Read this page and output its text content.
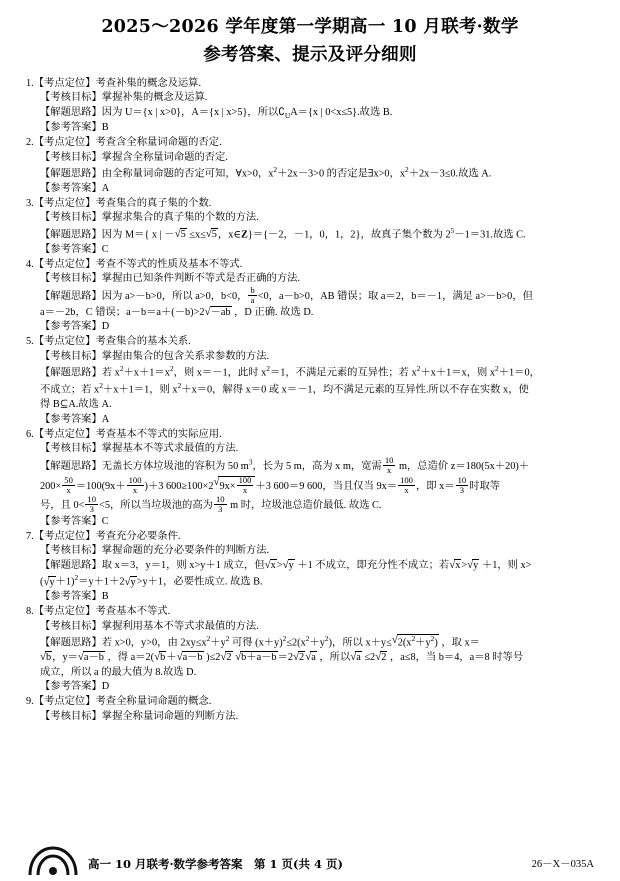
2025～2026 学年度第一学期高一 10 月联考·数学
参考答案、提示及评分细则

1.【考点定位】考查补集的概念及运算.

【考核目标】掌握补集的概念及运算.

【解题思路】因为 U＝{x | x>0}，A＝{x | x>5}，所以$∁_UA=\{x$ | 0<x≤5}.故选 B.

【参考答案】B

2.【考点定位】考查含全称量词命题的否定.

【考核目标】掌握含全称量词命题的否定.

【解题思路】由全称量词命题的否定可知，∀x>0，$x^2+2x-3>0$ 的否定是∃x>0，$x^2+2x-3\le 0$.故选 A.

【参考答案】A

3.【考点定位】考查集合的真子集的个数.

【考核目标】掌握求集合的真子集的个数的方法.

【解题思路】因为 M＝{ x | － √ 5 ≤x≤ √ 5，x∈Z}＝{－2，－1，0，1，2}，故真子集个数为 $2^5-1=31$.故选 C.

【参考答案】C

4.【考点定位】考查不等式的性质及基本不等式.

【考核目标】掌握由已知条件判断不等式是否正确的方法.

【解题思路】因为 a>－b>0，所以 a>0，b<0， $\frac{b}{a} <0$，a－b>0，AB 错误；取 a＝2，b＝－1，满足 a>－b>0，但

a＝－2b，C 错误；a－b＝a＋(－b)>2 √ －ab ，D 正确. 故选 D.

【参考答案】D

5.【考点定位】考查集合的基本关系.

【考核目标】掌握由集合的包含关系求参数的方法.

【解题思路】若 $x^2+x+1=x^2$，则 x＝－1，此时 $x^2=1$，不满足元素的互异性；若 $x^2+x+1=x$，则 $x^2+1=0$，

不成立；若 $x^2+x+1=1$，则 $x^2+x=0$，解得 x＝0 或 x＝－1，均不满足元素的互异性.所以不存在实数 x，使

得 B⊆A.故选 A.

【参考答案】A

6.【考点定位】考查基本不等式的实际应用.

【考核目标】掌握基本不等式求最值的方法.

【解题思路】无盖长方体垃圾池的容积为 50 $m^3$，长为 5 m，高为 x m，宽需 $\frac{10}{x}$ m，总造价 z＝180(5x＋20)＋

$200\times \frac{50}{x} =100(9x+ \frac{100}{x} )+3$ 600≥100×2 √ $9x\times \frac{100}{x} +3$ 600＝9 600，当且仅当 $9x= \frac{100}{x}$ ，即 $x= \frac{10}{3}$ 时取等

号，且 $0< \frac{10}{3} <5$，所以当垃圾池的高为 $\frac{10}{3}$ m 时，垃圾池总造价最低. 故选 C.

【参考答案】C

7.【考点定位】考查充分必要条件.

【考核目标】掌握命题的充分必要条件的判断方法.

【解题思路】取 x＝3，y＝1，则 x>y＋1 成立，但 √ x> √ y ＋1 不成立，即充分性不成立；若 √ x> √ y ＋1，则 x>

( √ y＋1)$^2$＝y＋1＋2 √ y>y＋1，必要性成立. 故选 B.

【参考答案】B

8.【考点定位】考查基本不等式.

【考核目标】掌握利用基本不等式求最值的方法.

【解题思路】若 x>0，y>0，由 $2xy\le x^2+y^2$ 可得 $(x+y)^2\le 2(x^2+y^2)$，所以 x＋y≤ √ $2(x^2+y^2)$ ，取 x＝

√ b，y＝ √ a－b ，得 a＝2( √ b＋ √ a－b )≤2 √ 2 √ b＋a－b＝2 √ 2 √ a ，所以 √ a ≤2 √ 2 ，a≤8，当 b＝4，a＝8 时等号

成立，所以 a 的最大值为 8.故选 D.

【参考答案】D

9.【考点定位】考查全称量词命题的概念.

【考核目标】掌握全称量词命题的判断方法.

高一 10 月联考·数学参考答案　第 1 页(共 4 页)	26－X－035A
